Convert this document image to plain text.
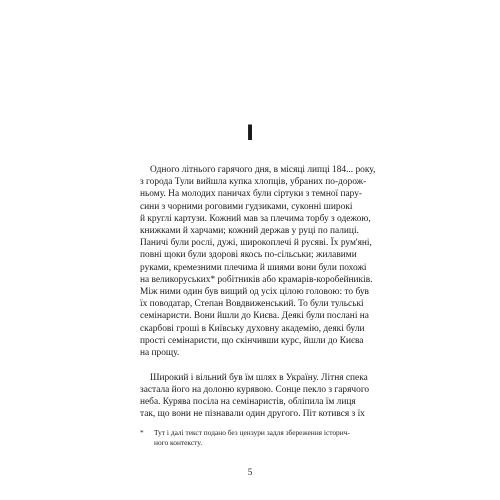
I
Одного літнього гарячого дня, в місяці липці 184... року,
з города Тули вийшла купка хлопців, убраних по-дорож-
ньому. На молодих паничах були сіртуки з темної пару-
сини з чорними роговими гудзиками, суконні широкі
й круглі картузи. Кожний мав за плечима торбу з одежою,
книжками й харчами; кожний держав у руці по палиці.
Паничі були рослі, дужі, широкоплечі й русяві. Їх рум'яні,
повні щоки були здорові якось по-сільськи; жилавими
руками, кремезними плечима й шиями вони були похожі
на великоруських* робітників або крамарів-коробейників.
Між ними один був вищий од усіх цілою головою: то був
їх поводатар, Степан Вовдвиженський. То були тульські
семінаристи. Вони йшли до Києва. Деякі були послані на
скарбові гроші в Київську духовну академію, деякі були
прості семінаристи, що скінчивши курс, йшли до Києва
на прощу.
Широкий і вільний був їм шлях в Україну. Літня спека
застала його на долоню курявою. Сонце пекло з гарячого
неба. Курява посіла на семінаристів, обліпила їм лиця
так, що вони не пізнавали один другого. Піт котився з їх
* Тут і далі текст подано без цензури задля збереження історич-
ного контексту.
5
